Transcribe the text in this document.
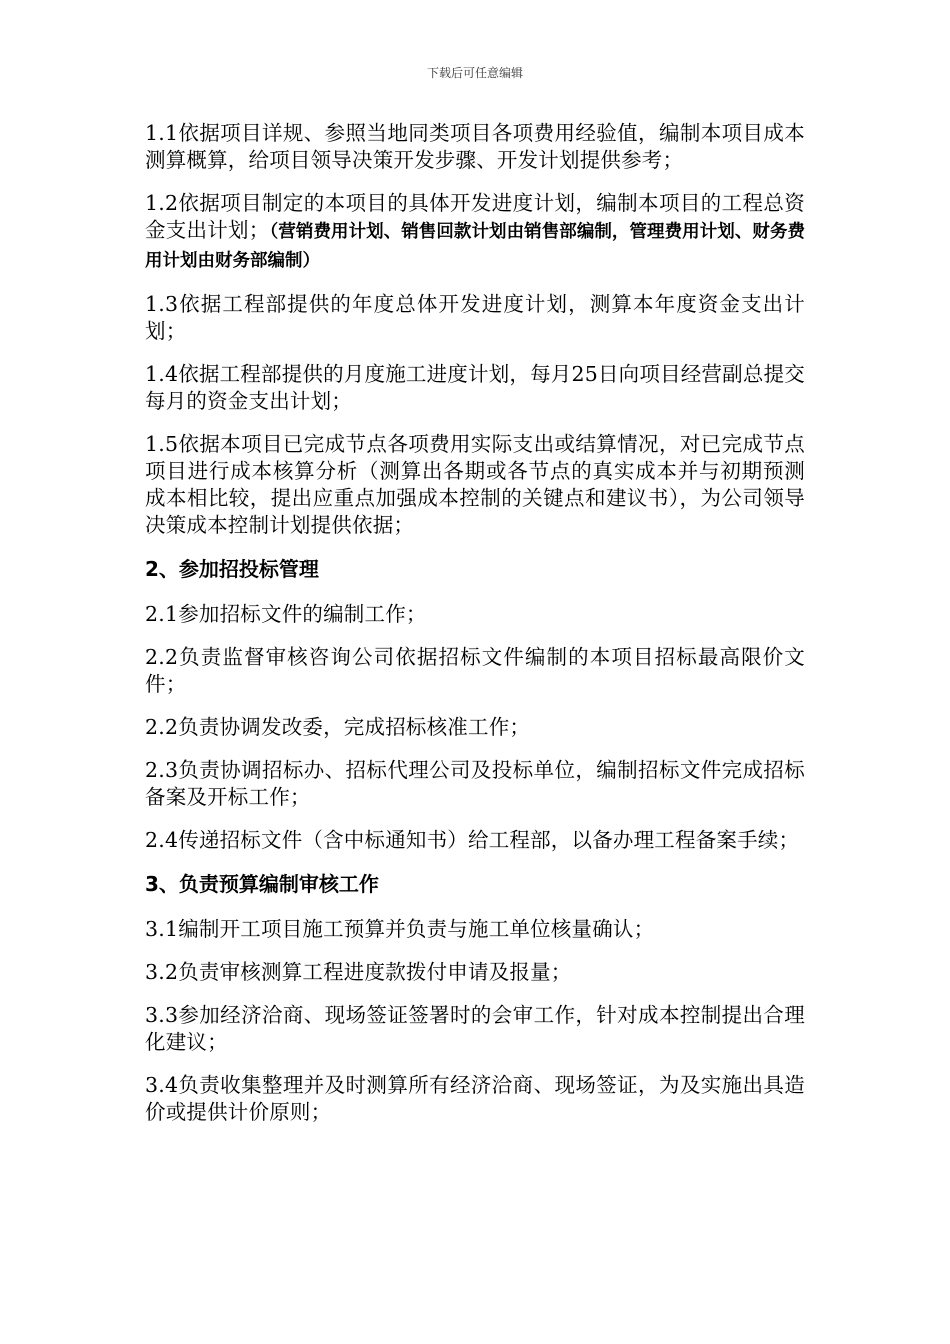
下载后可任意编辑

1.1依据项目详规、参照当地同类项目各项费用经验值，编制本项目成本测算概算，给项目领导决策开发步骤、开发计划提供参考；

1.2依据项目制定的本项目的具体开发进度计划，编制本项目的工程总资金支出计划；（营销费用计划、销售回款计划由销售部编制，管理费用计划、财务费用计划由财务部编制）

1.3依据工程部提供的年度总体开发进度计划，测算本年度资金支出计划；

1.4依据工程部提供的月度施工进度计划，每月25日向项目经营副总提交每月的资金支出计划；

1.5依据本项目已完成节点各项费用实际支出或结算情况，对已完成节点项目进行成本核算分析（测算出各期或各节点的真实成本并与初期预测成本相比较，提出应重点加强成本控制的关键点和建议书），为公司领导决策成本控制计划提供依据；

2、参加招投标管理

2.1参加招标文件的编制工作；

2.2负责监督审核咨询公司依据招标文件编制的本项目招标最高限价文件；

2.2负责协调发改委，完成招标核准工作；

2.3负责协调招标办、招标代理公司及投标单位，编制招标文件完成招标备案及开标工作；

2.4传递招标文件（含中标通知书）给工程部，以备办理工程备案手续；

3、负责预算编制审核工作

3.1编制开工项目施工预算并负责与施工单位核量确认；

3.2负责审核测算工程进度款拨付申请及报量；

3.3参加经济洽商、现场签证签署时的会审工作，针对成本控制提出合理化建议；

3.4负责收集整理并及时测算所有经济洽商、现场签证，为及实施出具造价或提供计价原则；
